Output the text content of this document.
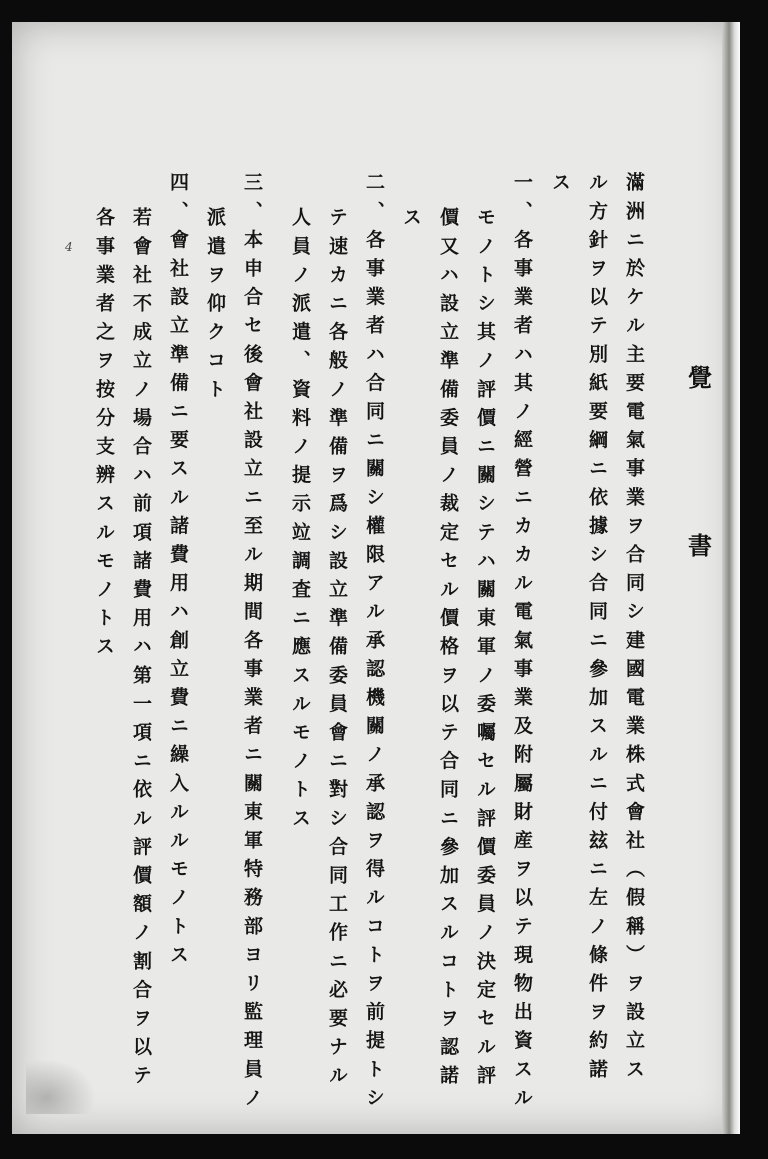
覺
書
滿洲ニ於ケル主要電氣事業ヲ合同シ建國電業株式會社（假稱）ヲ設立ス
ル方針ヲ以テ別紙要綱ニ依據シ合同ニ參加スルニ付玆ニ左ノ條件ヲ約諾
ス
一、各事業者ハ其ノ經營ニカカル電氣事業及附屬財産ヲ以テ現物出資スル
モノトシ其ノ評價ニ關シテハ關東軍ノ委囑セル評價委員ノ決定セル評
價又ハ設立準備委員ノ裁定セル價格ヲ以テ合同ニ參加スルコトヲ認諾
ス
二、各事業者ハ合同ニ關シ權限アル承認機關ノ承認ヲ得ルコトヲ前提トシ
テ速カニ各般ノ準備ヲ爲シ設立準備委員會ニ對シ合同工作ニ必要ナル
人員ノ派遣、資料ノ提示竝調査ニ應スルモノトス
三、本申合セ後會社設立ニ至ル期間各事業者ニ關東軍特務部ヨリ監理員ノ
派遣ヲ仰クコト
四、會社設立準備ニ要スル諸費用ハ創立費ニ繰入ルルモノトス
若會社不成立ノ場合ハ前項諸費用ハ第一項ニ依ル評價額ノ割合ヲ以テ
各事業者之ヲ按分支辨スルモノトス
4
